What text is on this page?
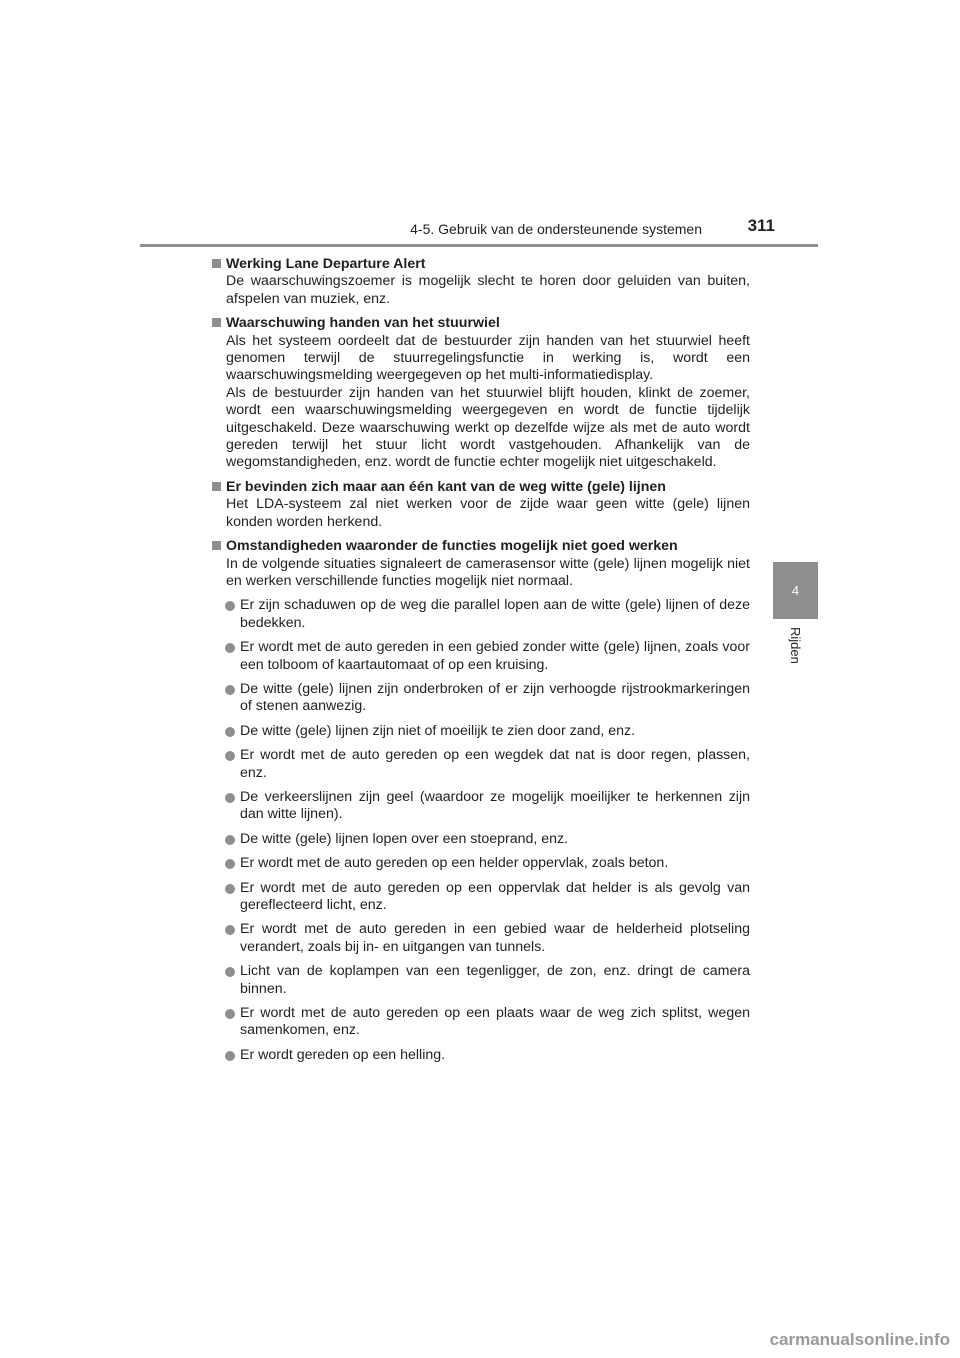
4-5. Gebruik van de ondersteunende systemen	311
4
Rijden
Werking Lane Departure Alert
De waarschuwingszoemer is mogelijk slecht te horen door geluiden van buiten, afspelen van muziek, enz.
Waarschuwing handen van het stuurwiel
Als het systeem oordeelt dat de bestuurder zijn handen van het stuurwiel heeft genomen terwijl de stuurregelingsfunctie in werking is, wordt een waarschuwingsmelding weergegeven op het multi-informatiedisplay.
Als de bestuurder zijn handen van het stuurwiel blijft houden, klinkt de zoemer, wordt een waarschuwingsmelding weergegeven en wordt de functie tijdelijk uitgeschakeld. Deze waarschuwing werkt op dezelfde wijze als met de auto wordt gereden terwijl het stuur licht wordt vastgehouden. Afhankelijk van de wegomstandigheden, enz. wordt de functie echter mogelijk niet uitgeschakeld.
Er bevinden zich maar aan één kant van de weg witte (gele) lijnen
Het LDA-systeem zal niet werken voor de zijde waar geen witte (gele) lijnen konden worden herkend.
Omstandigheden waaronder de functies mogelijk niet goed werken
In de volgende situaties signaleert de camerasensor witte (gele) lijnen mogelijk niet en werken verschillende functies mogelijk niet normaal.
Er zijn schaduwen op de weg die parallel lopen aan de witte (gele) lijnen of deze bedekken.
Er wordt met de auto gereden in een gebied zonder witte (gele) lijnen, zoals voor een tolboom of kaartautomaat of op een kruising.
De witte (gele) lijnen zijn onderbroken of er zijn verhoogde rijstrookmarkeringen of stenen aanwezig.
De witte (gele) lijnen zijn niet of moeilijk te zien door zand, enz.
Er wordt met de auto gereden op een wegdek dat nat is door regen, plassen, enz.
De verkeerslijnen zijn geel (waardoor ze mogelijk moeilijker te herkennen zijn dan witte lijnen).
De witte (gele) lijnen lopen over een stoeprand, enz.
Er wordt met de auto gereden op een helder oppervlak, zoals beton.
Er wordt met de auto gereden op een oppervlak dat helder is als gevolg van gereflecteerd licht, enz.
Er wordt met de auto gereden in een gebied waar de helderheid plotseling verandert, zoals bij in- en uitgangen van tunnels.
Licht van de koplampen van een tegenligger, de zon, enz. dringt de camera binnen.
Er wordt met de auto gereden op een plaats waar de weg zich splitst, wegen samenkomen, enz.
Er wordt gereden op een helling.
carmanualsonline.info
